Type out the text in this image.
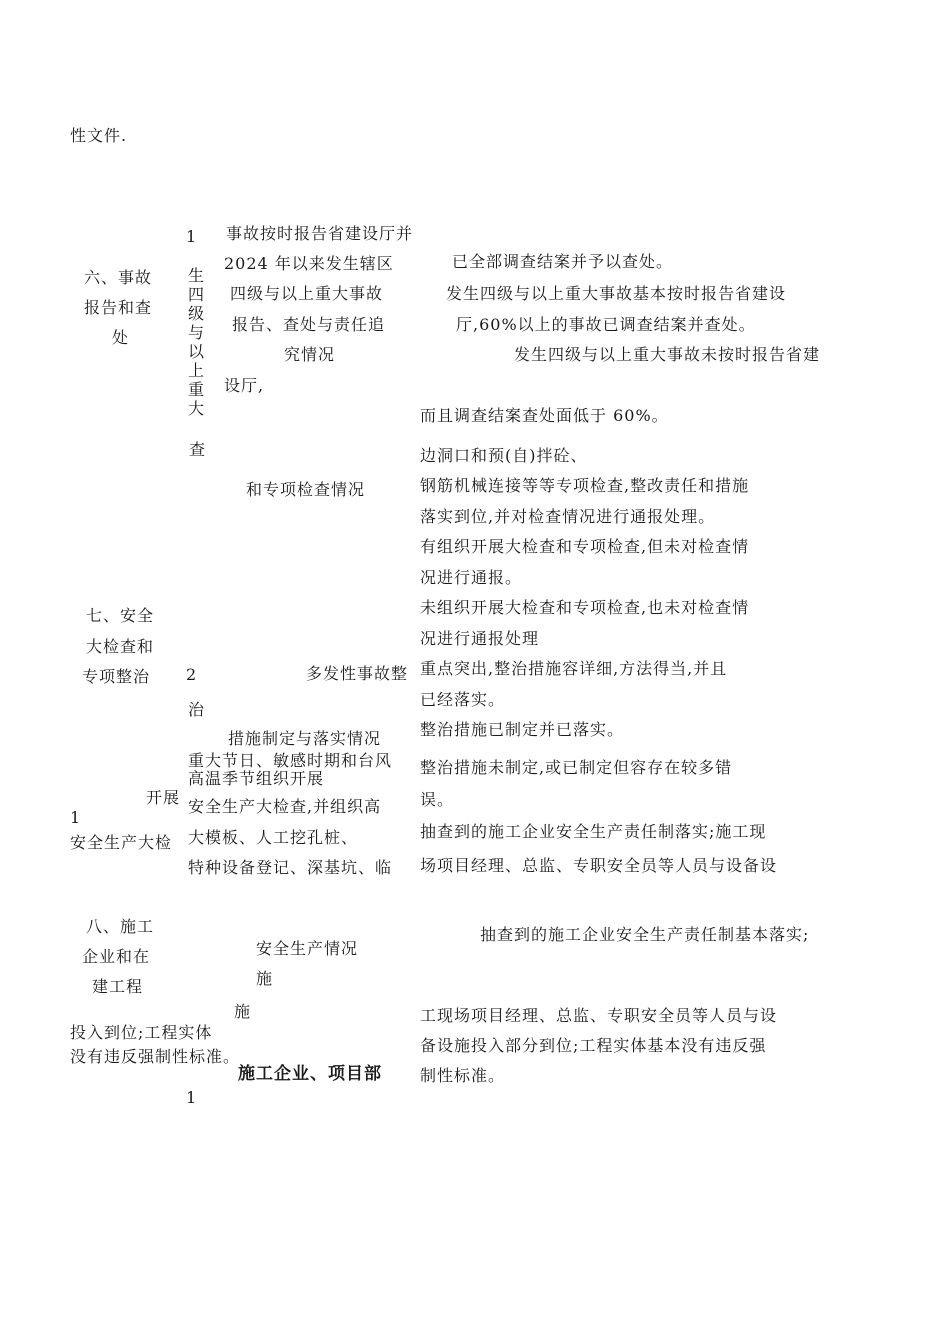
性文件.
六、事故
报告和查
处
1
生四级与以上重大
查
事故按时报告省建设厅并
2024 年以来发生辖区
四级与以上重大事故
报告、查处与责任追
究情况
设厅,
已全部调查结案并予以查处。
发生四级与以上重大事故基本按时报告省建设
厅,60%以上的事故已调查结案并查处。
发生四级与以上重大事故未按时报告省建
而且调查结案查处面低于 60%。
和专项检查情况
七、安全
大检查和
专项整治 2	多发性事故整
治
措施制定与落实情况
重大节日、敏感时期和台风
高温季节组织开展
安全生产大检查,并组织高
大模板、人工挖孔桩、
特种设备登记、深基坑、临
开展
1
安全生产大检
边洞口和预(自)拌砼、
钢筋机械连接等等专项检查,整改责任和措施
落实到位,并对检查情况进行通报处理。
有组织开展大检查和专项检查,但未对检查情
况进行通报。
未组织开展大检查和专项检查,也未对检查情
况进行通报处理
重点突出,整治措施容详细,方法得当,并且
已经落实。
整治措施已制定并已落实。
整治措施未制定,或已制定但容存在较多错
误。
抽查到的施工企业安全生产责任制落实;施工现
场项目经理、总监、专职安全员等人员与设备设
八、施工
企业和在
建工程
安全生产情况
施
施
投入到位;工程实体
没有违反强制性标准。
施工企业、项目部
1
抽查到的施工企业安全生产责任制基本落实;
工现场项目经理、总监、专职安全员等人员与设
备设施投入部分到位;工程实体基本没有违反强
制性标准。
